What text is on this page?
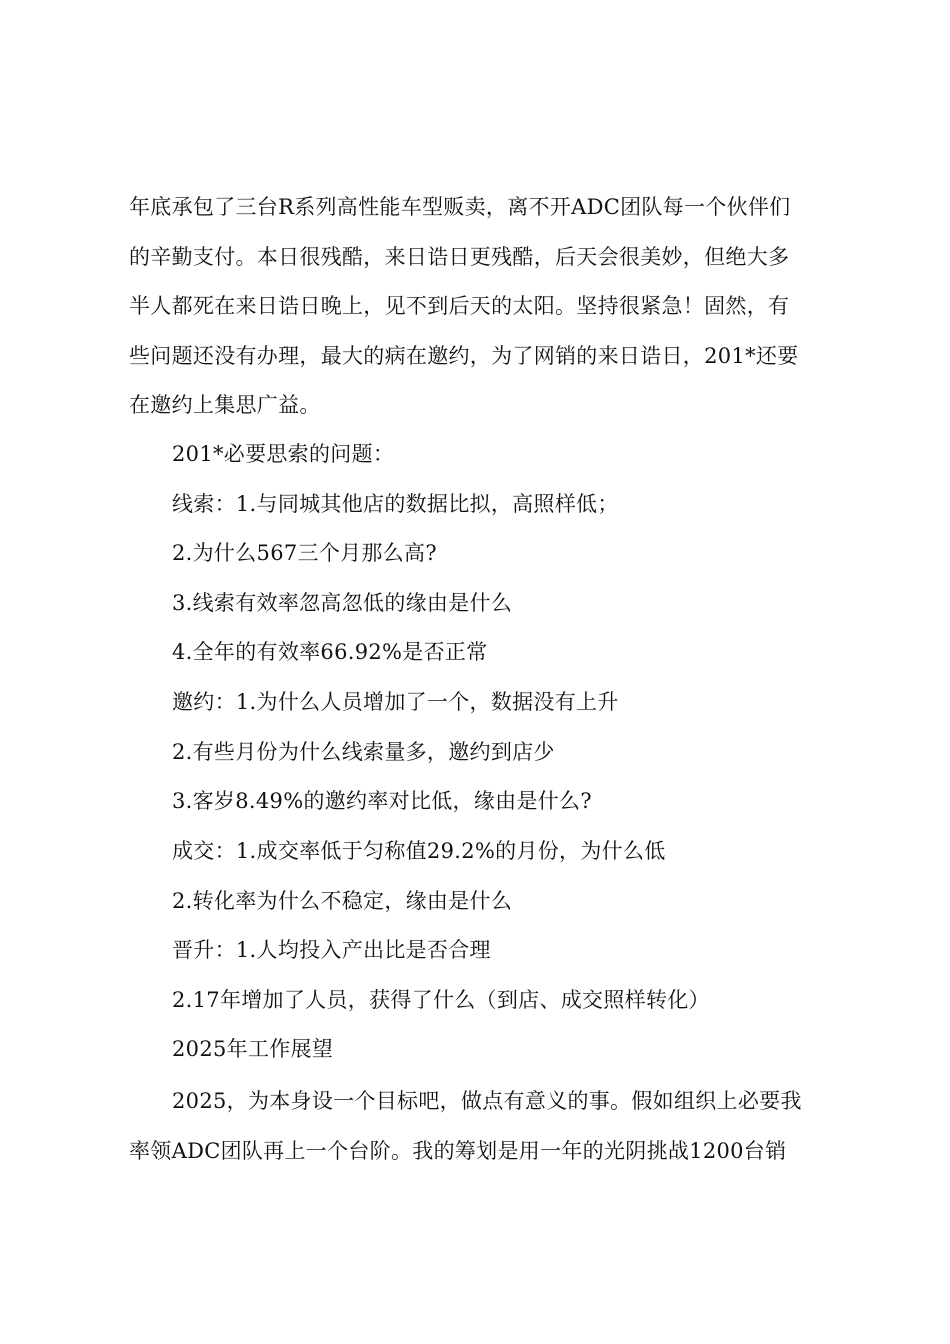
年底承包了三台R系列高性能车型贩卖，离不开ADC团队每一个伙伴们
的辛勤支付。本日很残酷，来日诰日更残酷，后天会很美妙，但绝大多
半人都死在来日诰日晚上，见不到后天的太阳。坚持很紧急！固然，有
些问题还没有办理，最大的病在邀约，为了网销的来日诰日，201*还要
在邀约上集思广益。

201*必要思索的问题：

线索：1.与同城其他店的数据比拟，高照样低；

2.为什么567三个月那么高?

3.线索有效率忽高忽低的缘由是什么

4.全年的有效率66.92%是否正常

邀约：1.为什么人员增加了一个，数据没有上升

2.有些月份为什么线索量多，邀约到店少

3.客岁8.49%的邀约率对比低，缘由是什么?

成交：1.成交率低于匀称值29.2%的月份，为什么低

2.转化率为什么不稳定，缘由是什么

晋升：1.人均投入产出比是否合理

2.17年增加了人员，获得了什么（到店、成交照样转化）

2025年工作展望

2025，为本身设一个目标吧，做点有意义的事。假如组织上必要我
率领ADC团队再上一个台阶。我的筹划是用一年的光阴挑战1200台销
